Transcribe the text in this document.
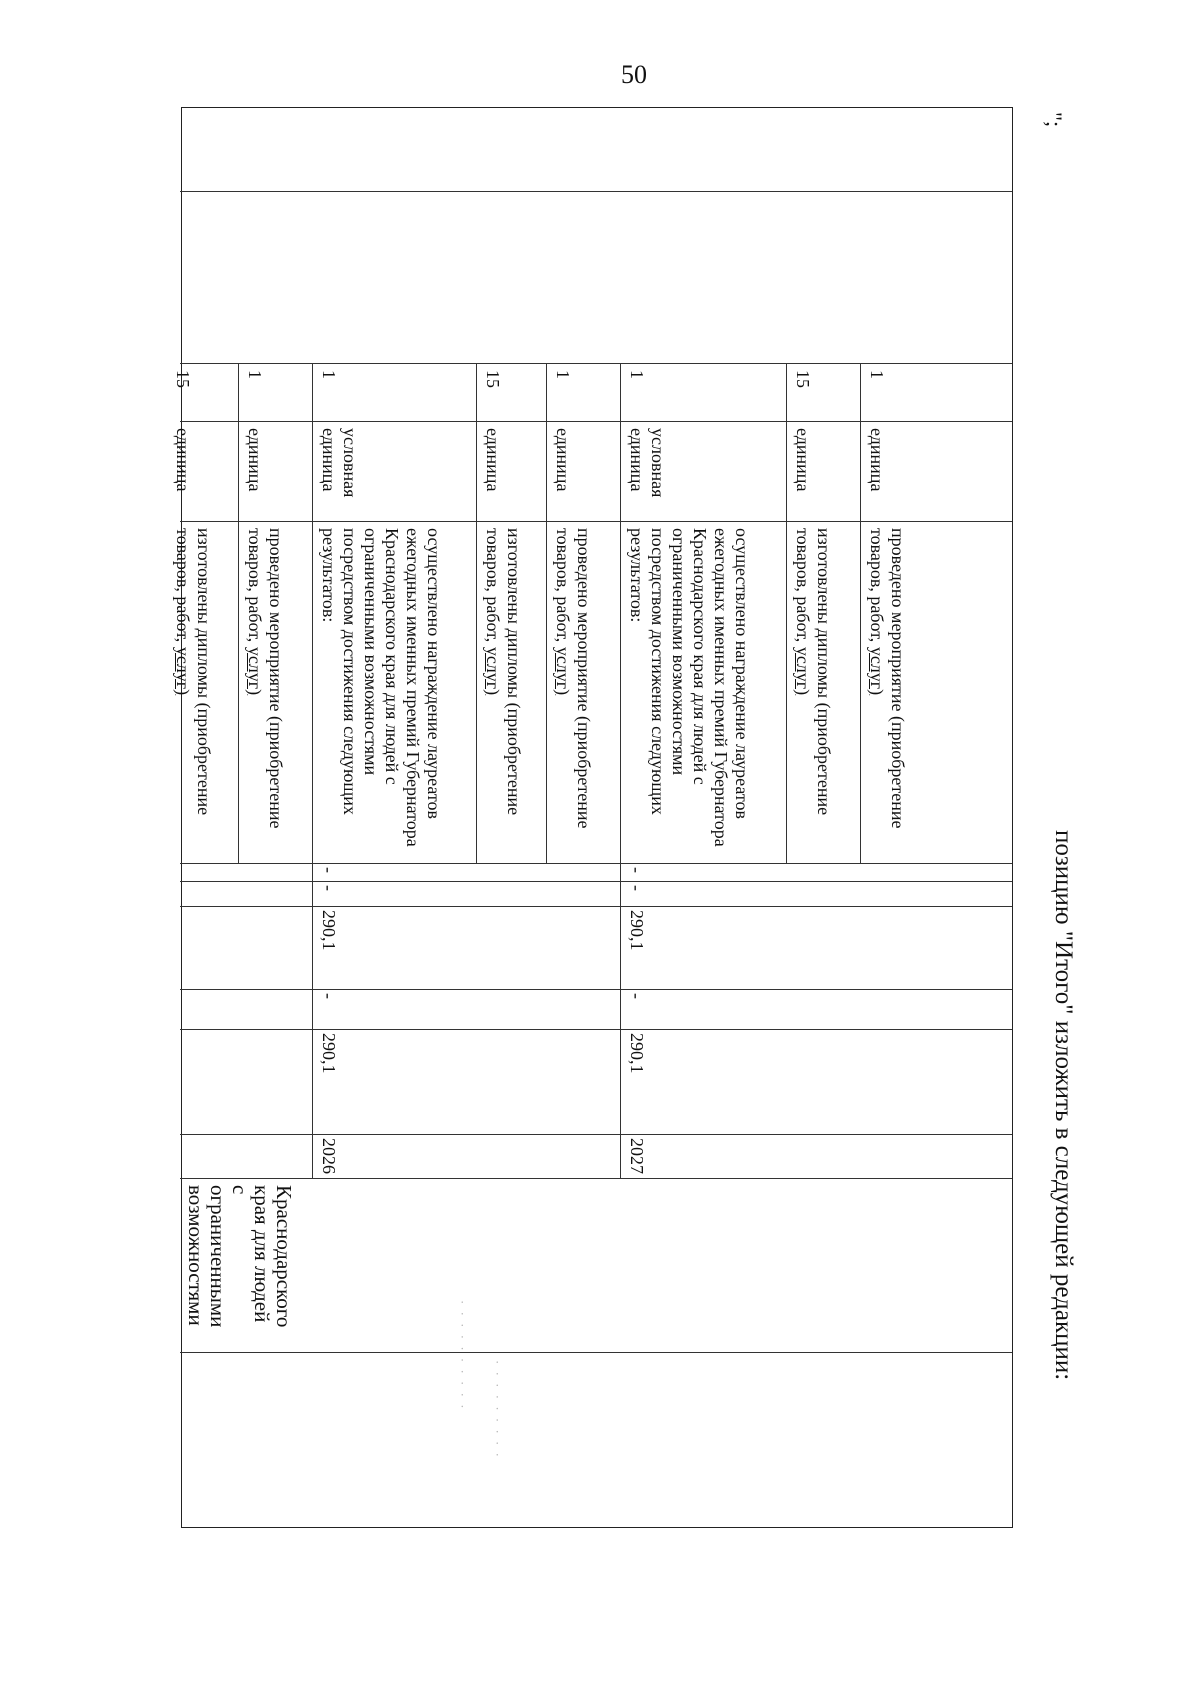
50
";
Краснодарского края для людей с ограниченными возможностями
изготовлены дипломы (приобретение товаров, работ, услуг)
единица
15
проведено мероприятие (приобретение товаров, работ, услуг)
единица
1
осуществлено награждение лауреатов ежегодных именных премий Губернатора Краснодарского края для людей с ограниченными возможностями посредством достижения следующих результатов:
условная единица
1
изготовлены дипломы (приобретение товаров, работ, услуг)
единица
15
проведено мероприятие (приобретение товаров, работ, услуг)
единица
1
осуществлено награждение лауреатов ежегодных именных премий Губернатора Краснодарского края для людей с ограниченными возможностями посредством достижения следующих результатов:
условная единица
1
изготовлены дипломы (приобретение товаров, работ, услуг)
единица
15
проведено мероприятие (приобретение товаров, работ, услуг)
единица
1
2026
290,1
-
290,1
-
-
2027
290,1
-
290,1
-
-	позицию "Итого" изложить в следующей редакции:
· · · · · · · · ·
· · · · · · · · · ·
